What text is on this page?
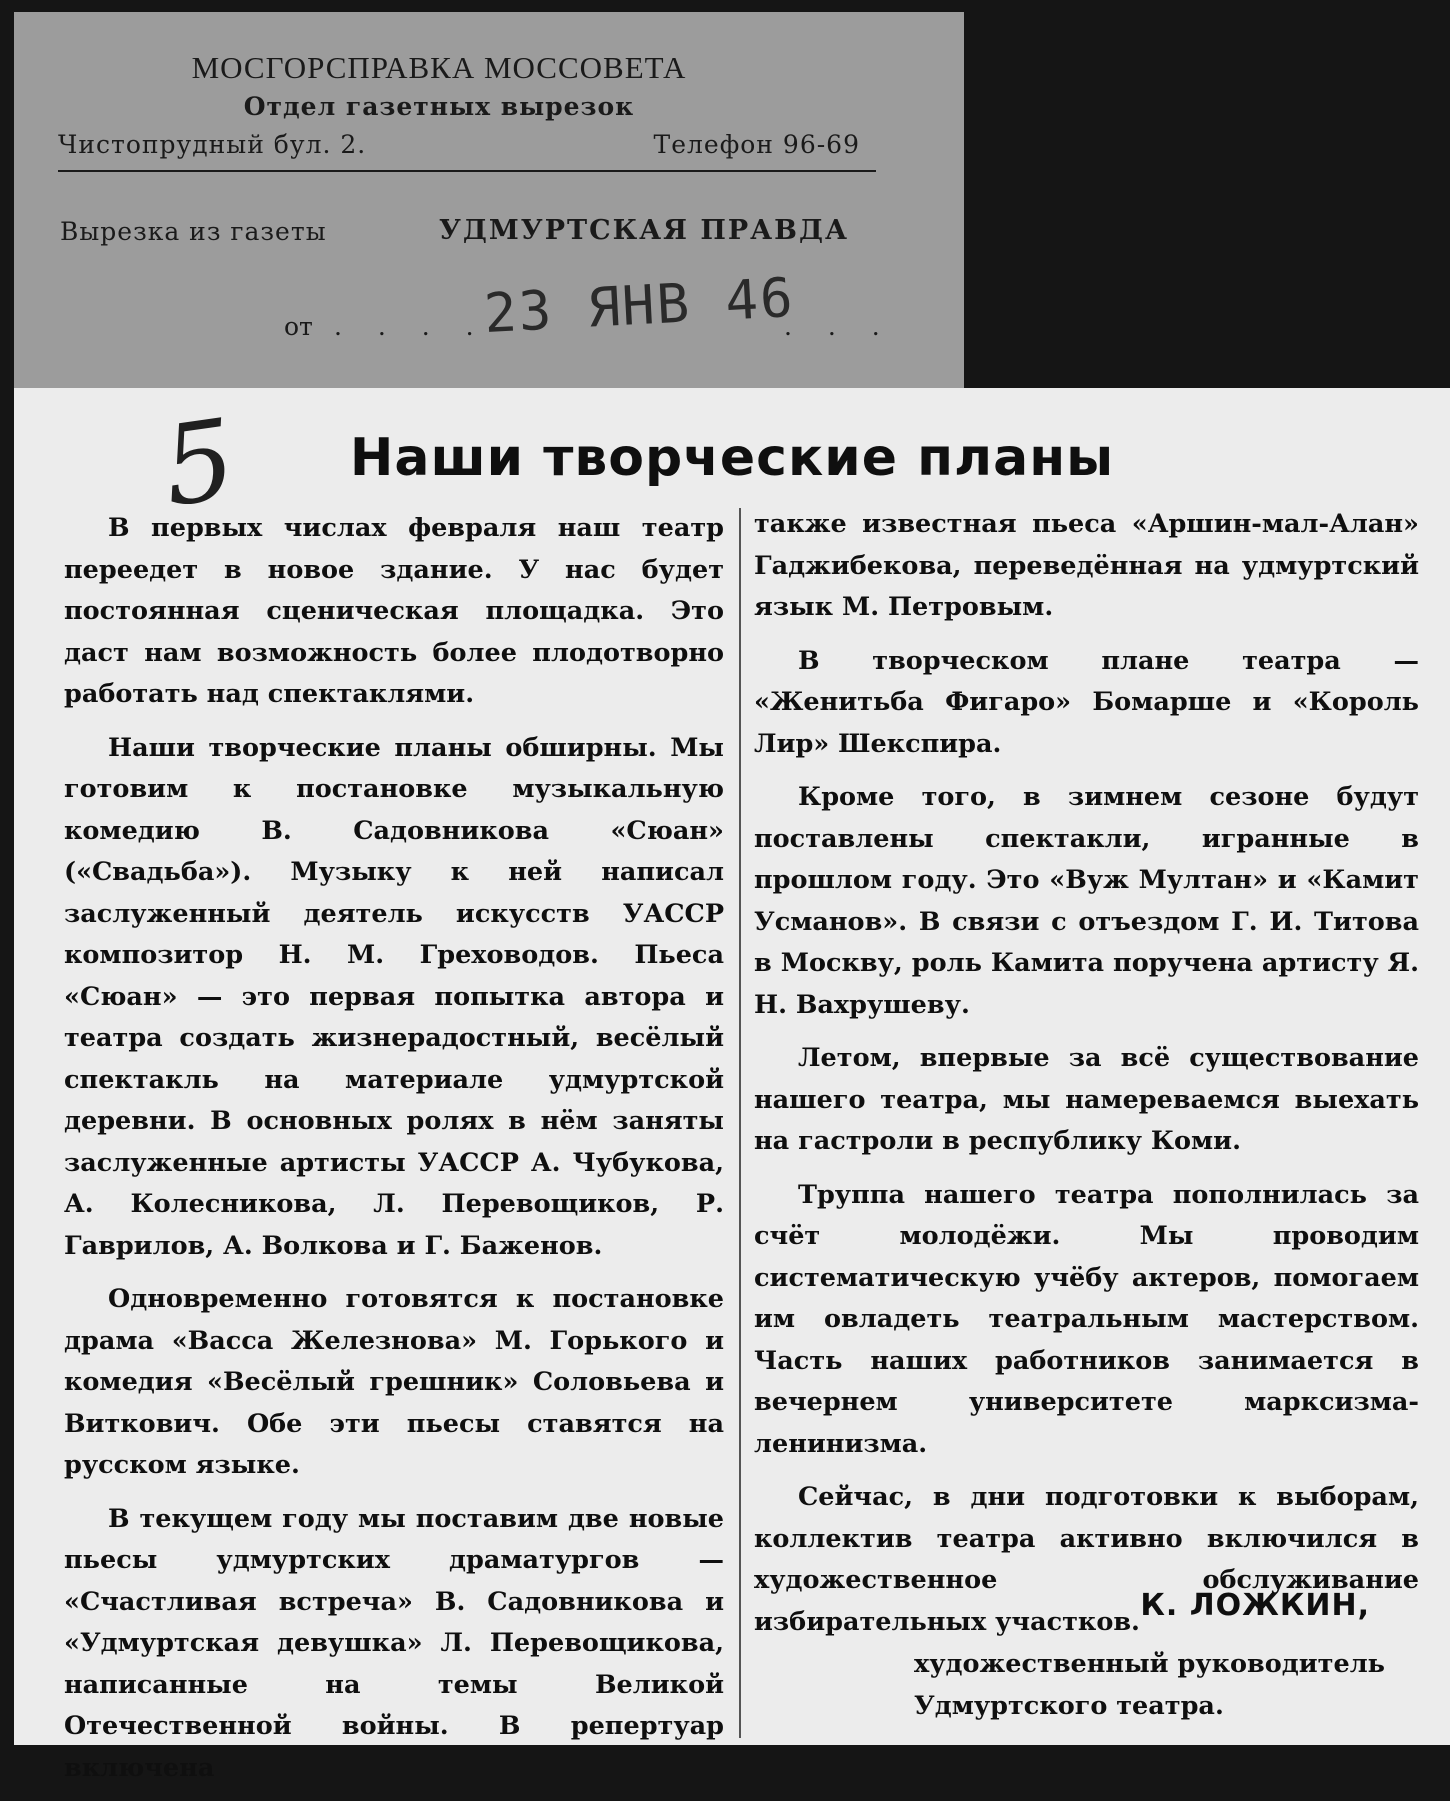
МОСГОРСПРАВКА МОССОВЕТА
Отдел газетных вырезок
Чистопрудный бул. 2.	Телефон 96-69
Вырезка из газеты	УДМУРТСКАЯ ПРАВДА
от . . . .
23 ЯНВ 46
. . .
5	Наши творческие планы

В первых числах февраля наш театр переедет в новое здание. У нас будет постоянная сценическая площадка. Это даст нам возможность более плодотворно работать над спектаклями.

Наши творческие планы обширны. Мы готовим к постановке музыкальную комедию В. Садовникова «Сюан» («Свадьба»). Музыку к ней написал заслуженный деятель искусств УАССР композитор Н. М. Греховодов. Пьеса «Сюан» — это первая попытка автора и театра создать жизнерадостный, весёлый спектакль на материале удмуртской деревни. В основных ролях в нём заняты заслуженные артисты УАССР А. Чубукова, А. Колесникова, Л. Перевощиков, Р. Гаврилов, А. Волкова и Г. Баженов.

Одновременно готовятся к постановке драма «Васса Железнова» М. Горького и комедия «Весёлый грешник» Соловьева и Виткович. Обе эти пьесы ставятся на русском языке.

В текущем году мы поставим две новые пьесы удмуртских драматургов — «Счастливая встреча» В. Садовникова и «Удмуртская девушка» Л. Перевощикова, написанные на темы Великой Отечественной войны. В репертуар включена

также известная пьеса «Аршин-мал-Алан» Гаджибекова, переведённая на удмуртский язык М. Петровым.

В творческом плане театра — «Женитьба Фигаро» Бомарше и «Король Лир» Шекспира.

Кроме того, в зимнем сезоне будут поставлены спектакли, игранные в прошлом году. Это «Вуж Мултан» и «Камит Усманов». В связи с отъездом Г. И. Титова в Москву, роль Камита поручена артисту Я. Н. Вахрушеву.

Летом, впервые за всё существование нашего театра, мы намереваемся выехать на гастроли в республику Коми.

Труппа нашего театра пополнилась за счёт молодёжи. Мы проводим систематическую учёбу актеров, помогаем им овладеть театральным мастерством. Часть наших работников занимается в вечернем университете марксизма-ленинизма.

Сейчас, в дни подготовки к выборам, коллектив театра активно включился в художественное обслуживание избирательных участков. К. ЛОЖКИН,
художественный руководитель Удмуртского театра.
